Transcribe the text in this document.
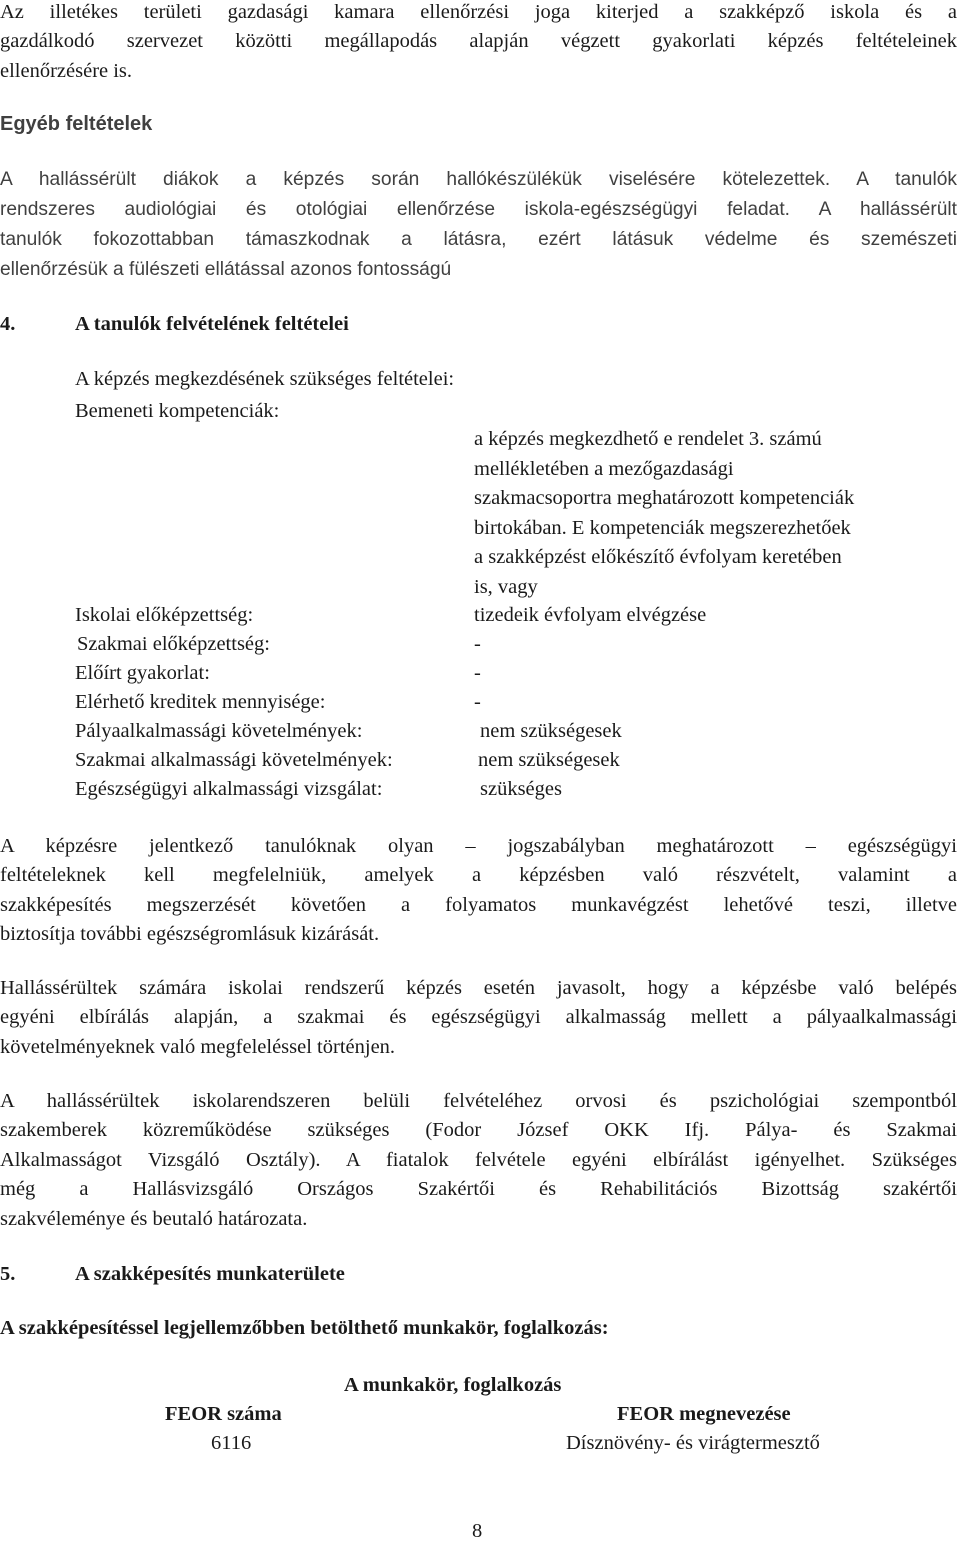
Az illetékes területi gazdasági kamara ellenőrzési joga kiterjed a szakképző iskola és a
gazdálkodó szervezet közötti megállapodás alapján végzett gyakorlati képzés feltételeinek
ellenőrzésére is.
Egyéb feltételek
A hallássérült diákok a képzés során hallókészülékük viselésére kötelezettek. A tanulók
rendszeres audiológiai és otológiai ellenőrzése iskola-egészségügyi feladat. A hallássérült
tanulók fokozottabban támaszkodnak a látásra, ezért látásuk védelme és szemészeti
ellenőrzésük a fülészeti ellátással azonos fontosságú
4.	A tanulók felvételének feltételei
A képzés megkezdésének szükséges feltételei:
Bemeneti kompetenciák:
a képzés megkezdhető e rendelet 3. számú
mellékletében a mezőgazdasági
szakmacsoportra meghatározott kompetenciák
birtokában. E kompetenciák megszerezhetőek
a szakképzést előkészítő évfolyam keretében
is, vagy
Iskolai előképzettség:	tizedeik évfolyam elvégzése
Szakmai előképzettség:	-
Előírt gyakorlat:	-
Elérhető kreditek mennyisége:	-
Pályaalkalmassági követelmények:	nem szükségesek
Szakmai alkalmassági követelmények:	nem szükségesek
Egészségügyi alkalmassági vizsgálat:	szükséges
A képzésre jelentkező tanulóknak olyan – jogszabályban meghatározott – egészségügyi
feltételeknek kell megfelelniük, amelyek a képzésben való részvételt, valamint a
szakképesítés megszerzését követően a folyamatos munkavégzést lehetővé teszi, illetve
biztosítja további egészségromlásuk kizárását.
Hallássérültek számára iskolai rendszerű képzés esetén javasolt, hogy a képzésbe való belépés
egyéni elbírálás alapján, a szakmai és egészségügyi alkalmasság mellett a pályaalkalmassági
követelményeknek való megfeleléssel történjen.
A hallássérültek iskolarendszeren belüli felvételéhez orvosi és pszichológiai szempontból
szakemberek közreműködése szükséges (Fodor József OKK Ifj. Pálya- és Szakmai
Alkalmasságot Vizsgáló Osztály). A fiatalok felvétele egyéni elbírálást igényelhet. Szükséges
még a Hallásvizsgáló Országos Szakértői és Rehabilitációs Bizottság szakértői
szakvéleménye és beutaló határozata.
5.	A szakképesítés munkaterülete
A szakképesítéssel legjellemzőbben betölthető munkakör, foglalkozás:
A munkakör, foglalkozás
FEOR száma	FEOR megnevezése
6116	Dísznövény- és virágtermesztő
8
